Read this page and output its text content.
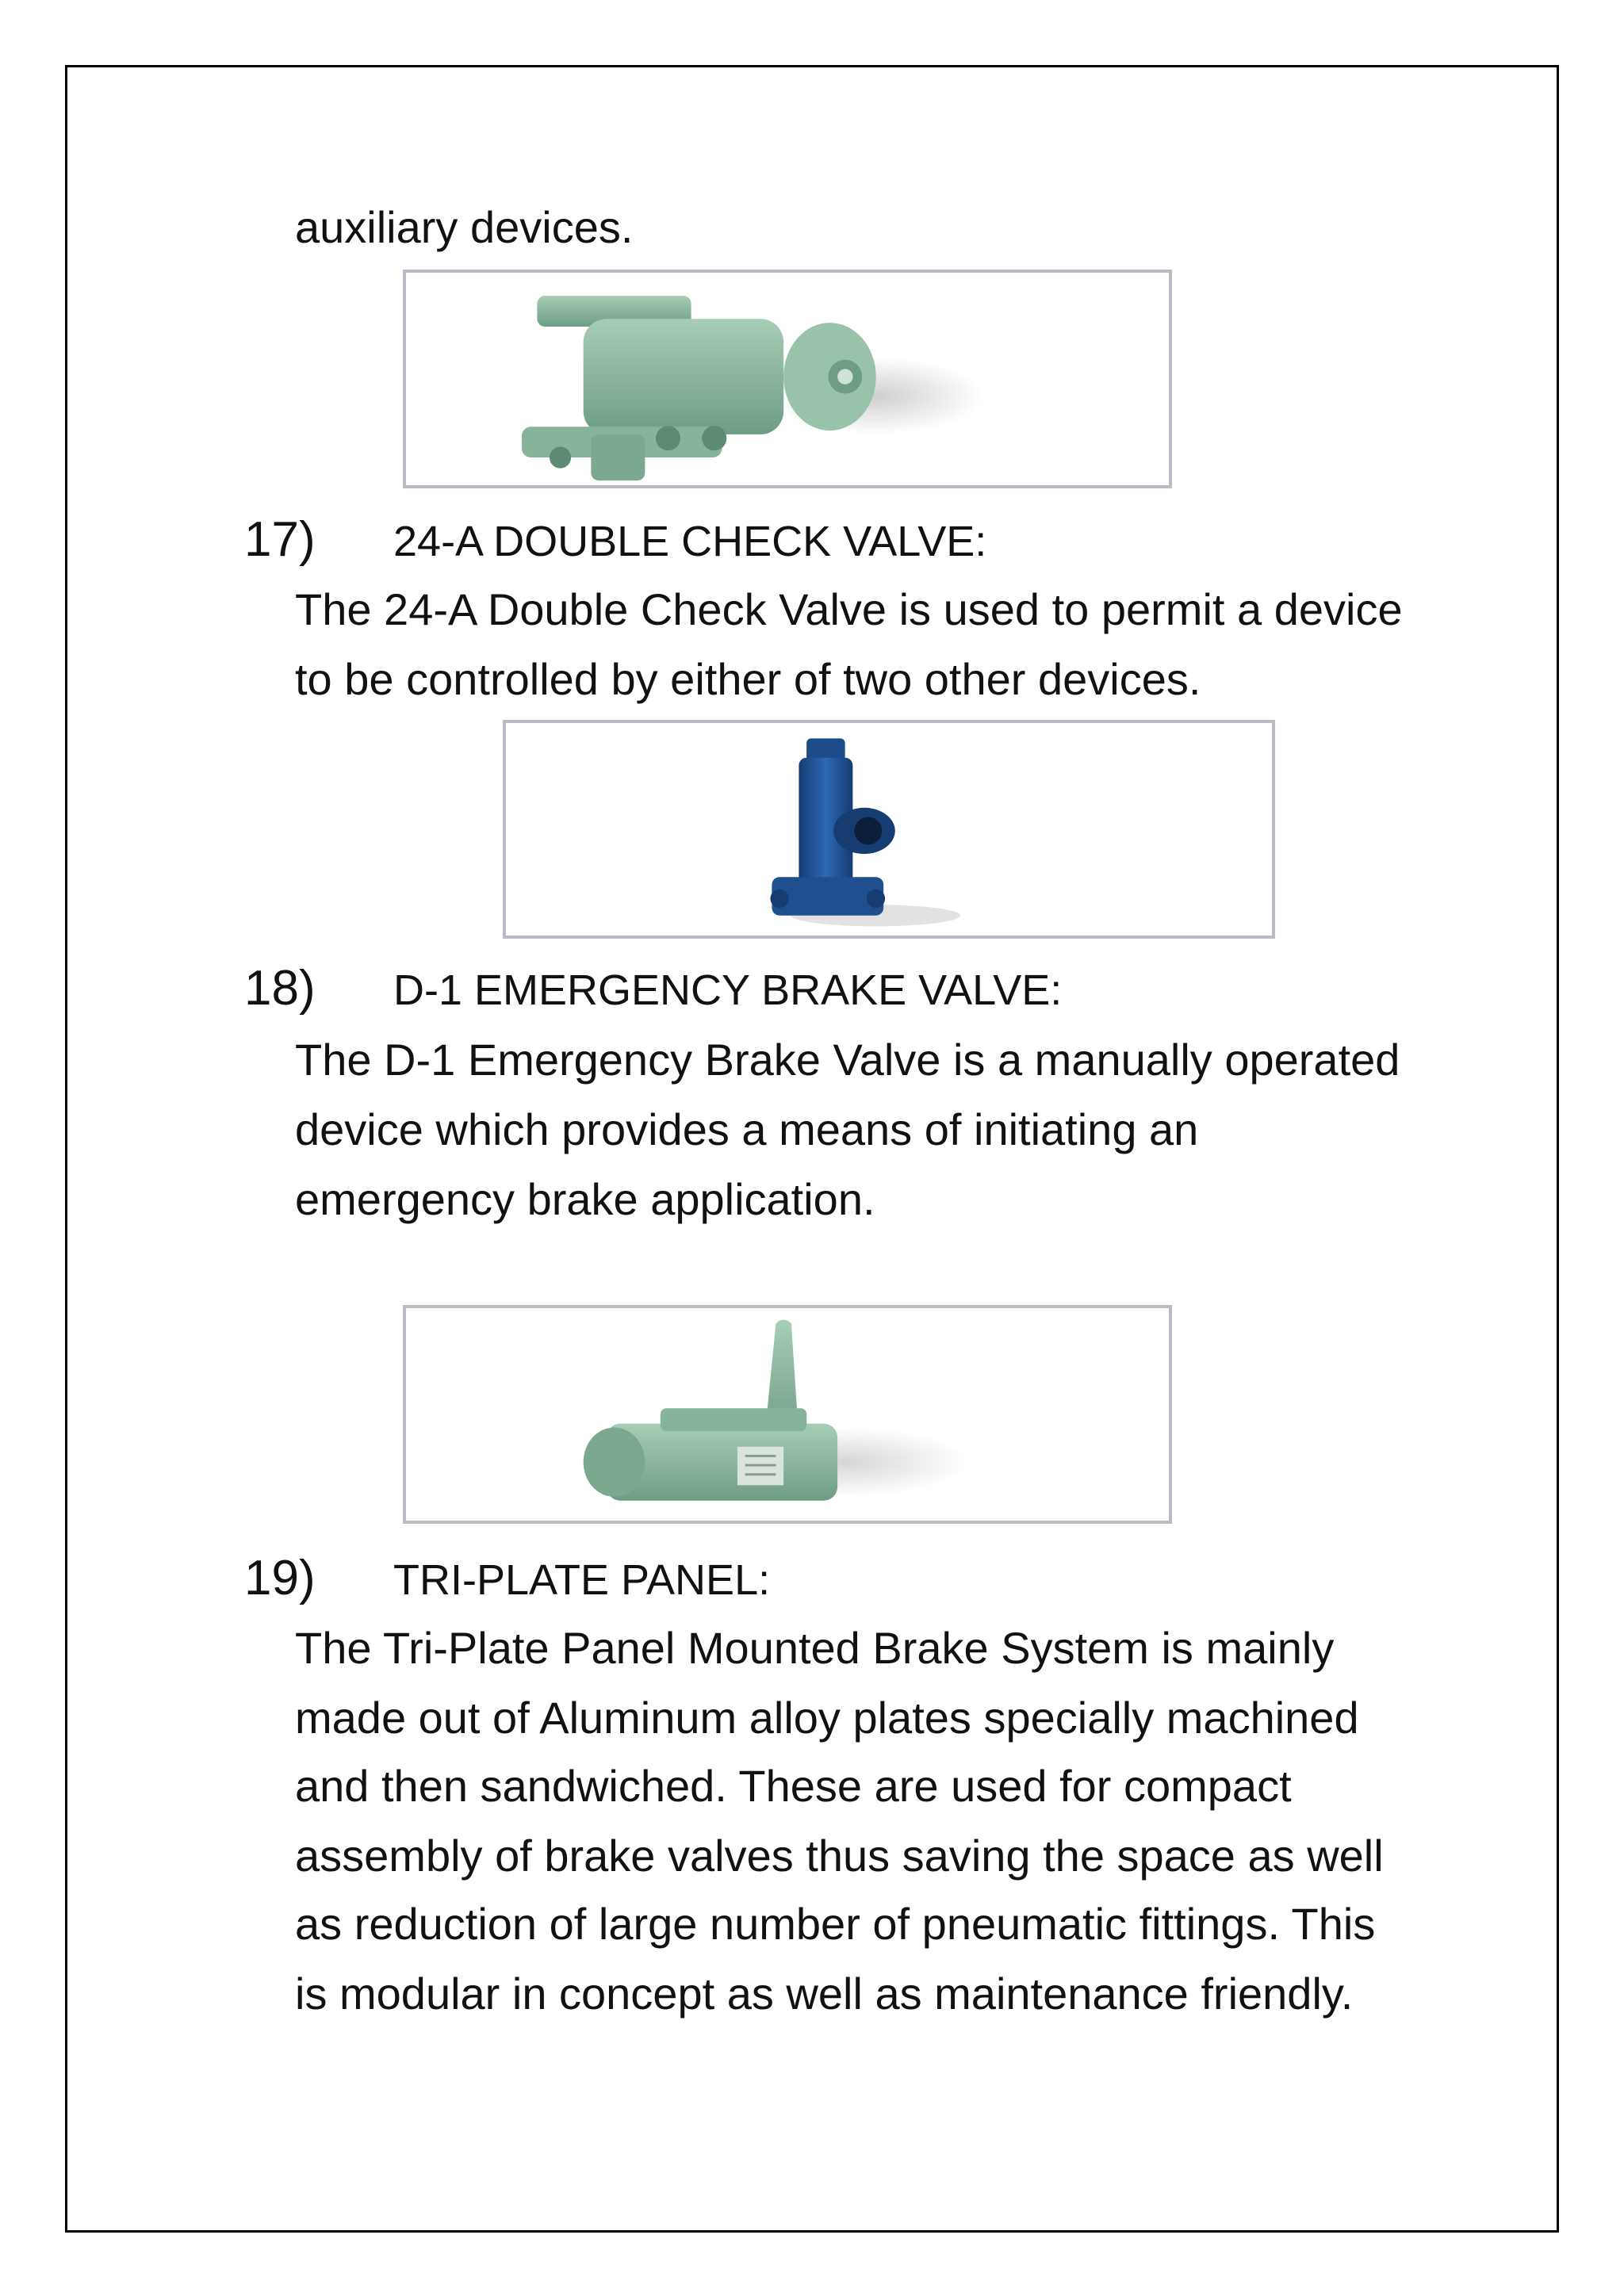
auxiliary devices.
17) 24-A DOUBLE CHECK VALVE:
The 24-A Double Check Valve is used to permit a device
to be controlled by either of two other devices.
18) D-1 EMERGENCY BRAKE VALVE:
The D-1 Emergency Brake Valve is a manually operated
device which provides a means of initiating an
emergency brake application.
19) TRI-PLATE PANEL:
The Tri-Plate Panel Mounted Brake System is mainly
made out of Aluminum alloy plates specially machined
and then sandwiched. These are used for compact
assembly of brake valves thus saving the space as well
as reduction of large number of pneumatic fittings. This
is modular in concept as well as maintenance friendly.
